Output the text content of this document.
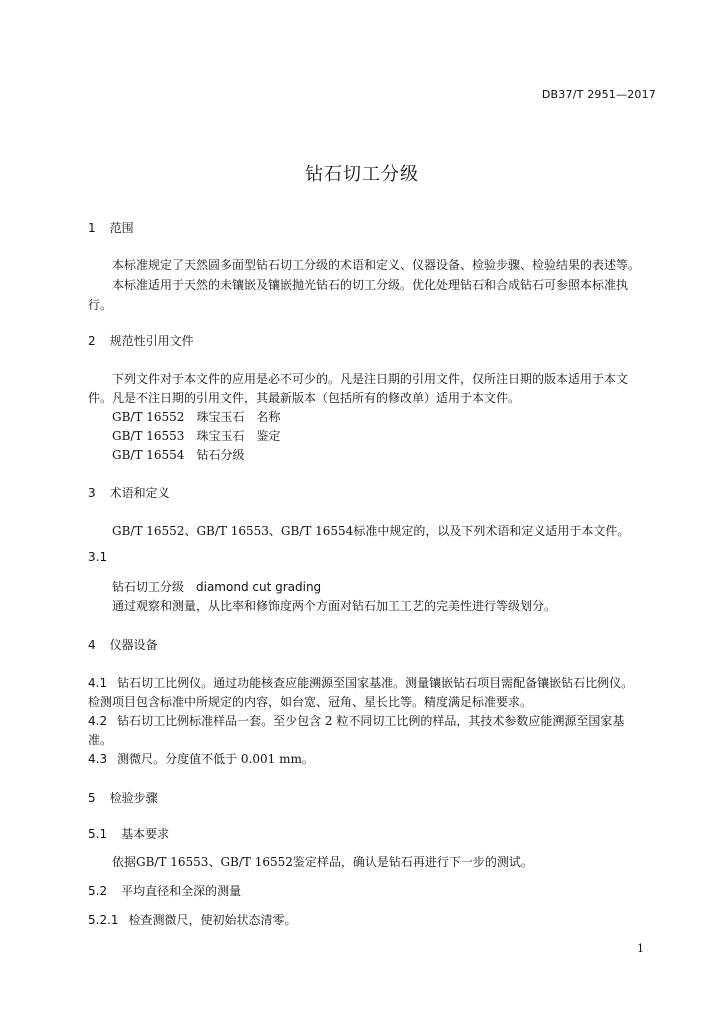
DB37/T 2951—2017
钻石切工分级
1 范围
本标准规定了天然圆多面型钻石切工分级的术语和定义、仪器设备、检验步骤、检验结果的表述等。
本标准适用于天然的未镶嵌及镶嵌抛光钻石的切工分级。优化处理钻石和合成钻石可参照本标准执
行。
2 规范性引用文件
下列文件对于本文件的应用是必不可少的。凡是注日期的引用文件，仅所注日期的版本适用于本文
件。凡是不注日期的引用文件，其最新版本（包括所有的修改单）适用于本文件。
GB/T 16552　珠宝玉石　名称
GB/T 16553　珠宝玉石　鉴定
GB/T 16554　钻石分级
3 术语和定义
GB/T 16552、GB/T 16553、GB/T 16554标准中规定的，以及下列术语和定义适用于本文件。
3.1
钻石切工分级　diamond cut grading
通过观察和测量，从比率和修饰度两个方面对钻石加工工艺的完美性进行等级划分。
4 仪器设备
4.1 钻石切工比例仪。通过功能核查应能溯源至国家基准。测量镶嵌钻石项目需配备镶嵌钻石比例仪。
检测项目包含标准中所规定的内容，如台宽、冠角、星长比等。精度满足标准要求。
4.2 钻石切工比例标准样品一套。至少包含 2 粒不同切工比例的样品，其技术参数应能溯源至国家基
准。
4.3 测微尺。分度值不低于 0.001 mm。
5 检验步骤
5.1 基本要求
依据GB/T 16553、GB/T 16552鉴定样品，确认是钻石再进行下一步的测试。
5.2 平均直径和全深的测量
5.2.1 检查测微尺，使初始状态清零。
1
